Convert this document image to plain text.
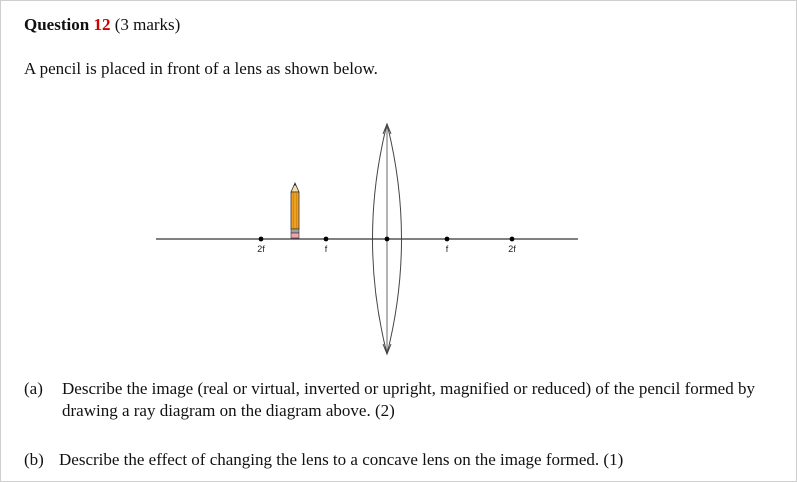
Question 12 (3 marks)
A pencil is placed in front of a lens as shown below.
2f	f	f	2f
(a) Describe the image (real or virtual, inverted or upright, magnified or reduced) of the pencil formed by drawing a ray diagram on the diagram above. (2)
(b) Describe the effect of changing the lens to a concave lens on the image formed. (1)
